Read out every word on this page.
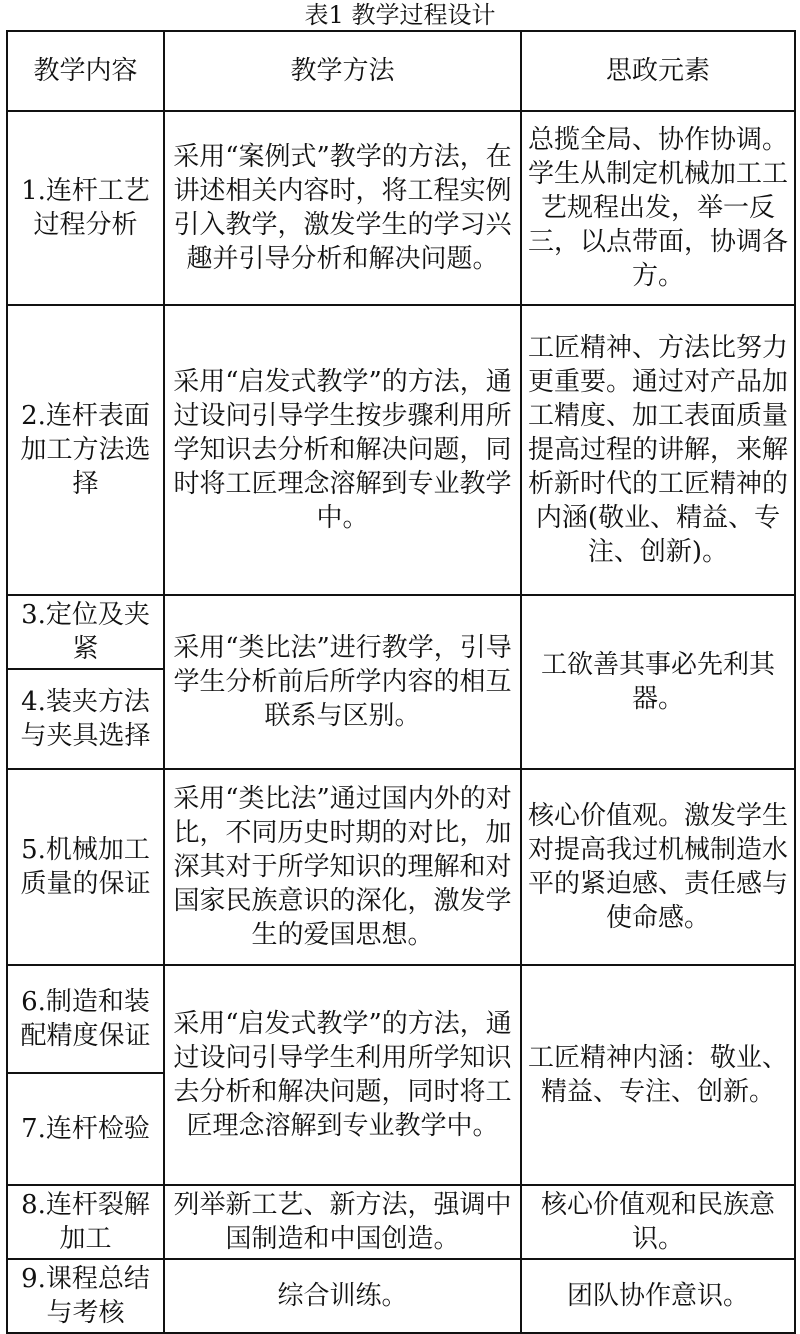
表1 教学过程设计
教学内容	教学方法	思政元素
1.连杆工艺过程分析	采用“案例式”教学的方法，在讲述相关内容时，将工程实例引入教学，激发学生的学习兴趣并引导分析和解决问题。	总揽全局、协作协调。学生从制定机械加工工艺规程出发，举一反三，以点带面，协调各方。
2.连杆表面加工方法选择	采用“启发式教学”的方法，通过设问引导学生按步骤利用所学知识去分析和解决问题，同时将工匠理念溶解到专业教学中。	工匠精神、方法比努力更重要。通过对产品加工精度、加工表面质量提高过程的讲解，来解析新时代的工匠精神的内涵(敬业、精益、专注、创新)。
3.定位及夹紧	采用“类比法”进行教学，引导学生分析前后所学内容的相互联系与区别。	工欲善其事必先利其器。
4.装夹方法与夹具选择		
5.机械加工质量的保证	采用“类比法”通过国内外的对比，不同历史时期的对比，加深其对于所学知识的理解和对国家民族意识的深化，激发学生的爱国思想。	核心价值观。激发学生对提高我过机械制造水平的紧迫感、责任感与使命感。
6.制造和装配精度保证	采用“启发式教学”的方法，通过设问引导学生利用所学知识去分析和解决问题，同时将工匠理念溶解到专业教学中。	工匠精神内涵：敬业、精益、专注、创新。
7.连杆检验		
8.连杆裂解加工	列举新工艺、新方法，强调中国制造和中国创造。	核心价值观和民族意识。
9.课程总结与考核	综合训练。	团队协作意识。
